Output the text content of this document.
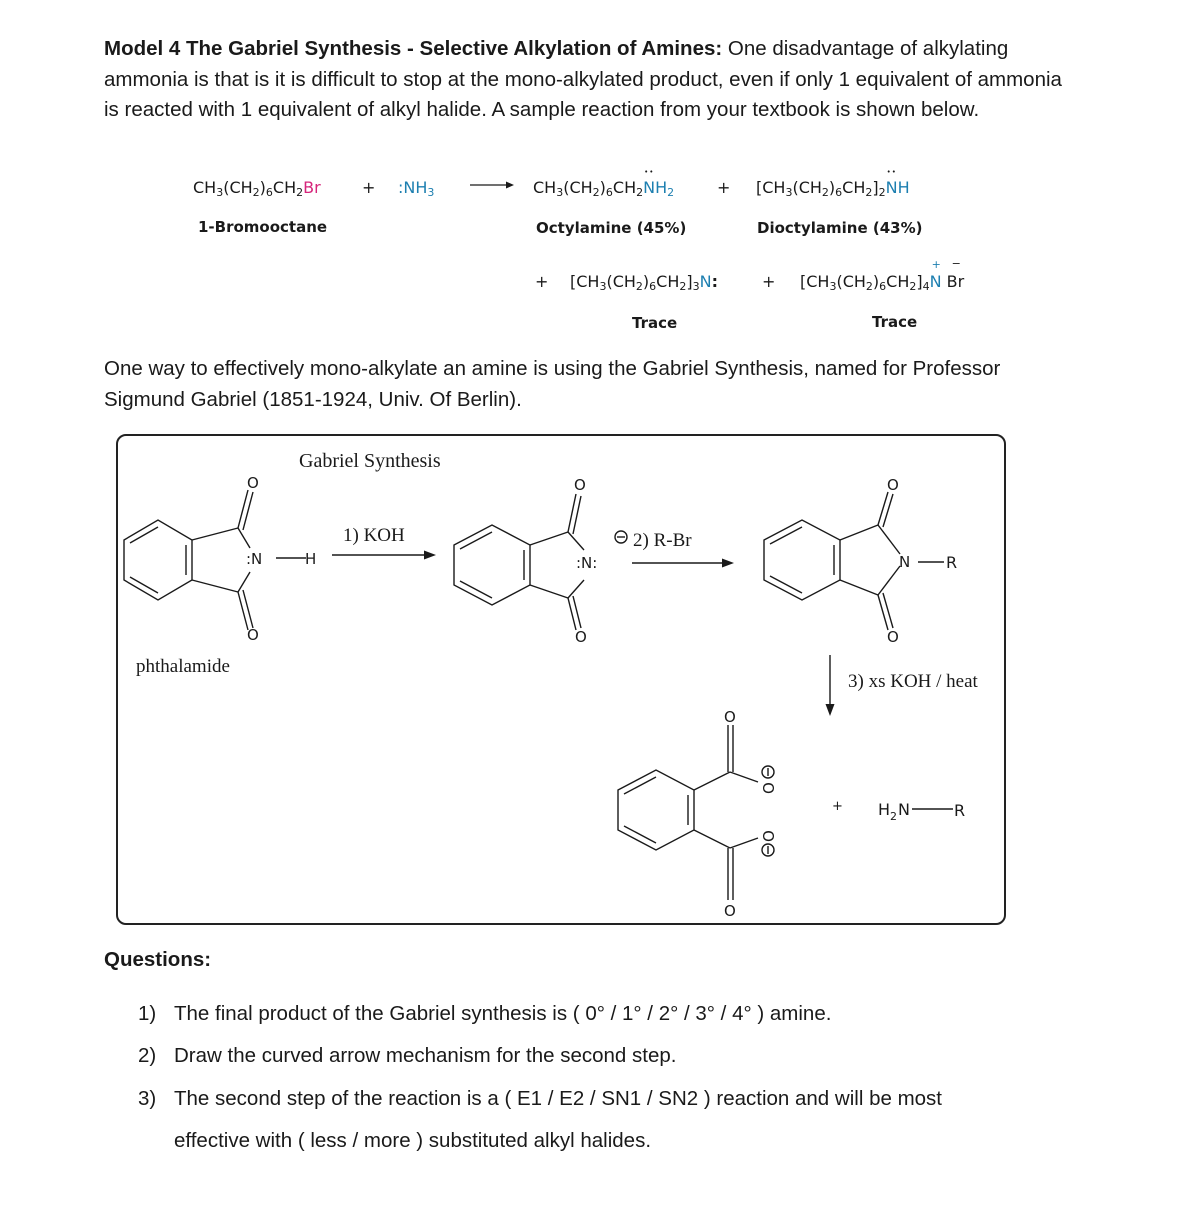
Model 4 The Gabriel Synthesis - Selective Alkylation of Amines: One disadvantage of alkylating ammonia is that is it is difficult to stop at the mono-alkylated product, even if only 1 equivalent of ammonia is reacted with 1 equivalent of alkyl halide. A sample reaction from your textbook is shown below.
$CH_3(CH_2)_6CH_2Br$	+ $:NH_3$ → $CH_3(CH_2)_6CH_2••$ $NH_2$	+ $[CH_3(CH_2)_6CH_2]_2••$ NH
1-Bromooctane	Octylamine (45%)	Dioctylamine (43%)
+ $[CH_3(CH_2)_6CH_2]_3N$:	+ $[CH_3(CH_2)_6CH_2]_4N$
+
Br
−
Trace	Trace
One way to effectively mono-alkylate an amine is using the Gabriel Synthesis, named for Professor Sigmund Gabriel (1851-1924, Univ. Of Berlin).
Gabriel Synthesis
O
O
:N	H
O
O
:N:
O
O
N
O
O
O
O
H 2 N
1) KOH	2) R-Br
R
phthalamide
3) xs KOH / heat
+	R
Questions:
1) The final product of the Gabriel synthesis is ( 0° / 1° / 2° / 3° / 4° ) amine.
2) Draw the curved arrow mechanism for the second step.
3) The second step of the reaction is a ( E1 / E2 / SN1 / SN2 ) reaction and will be most
effective with ( less / more ) substituted alkyl halides.
